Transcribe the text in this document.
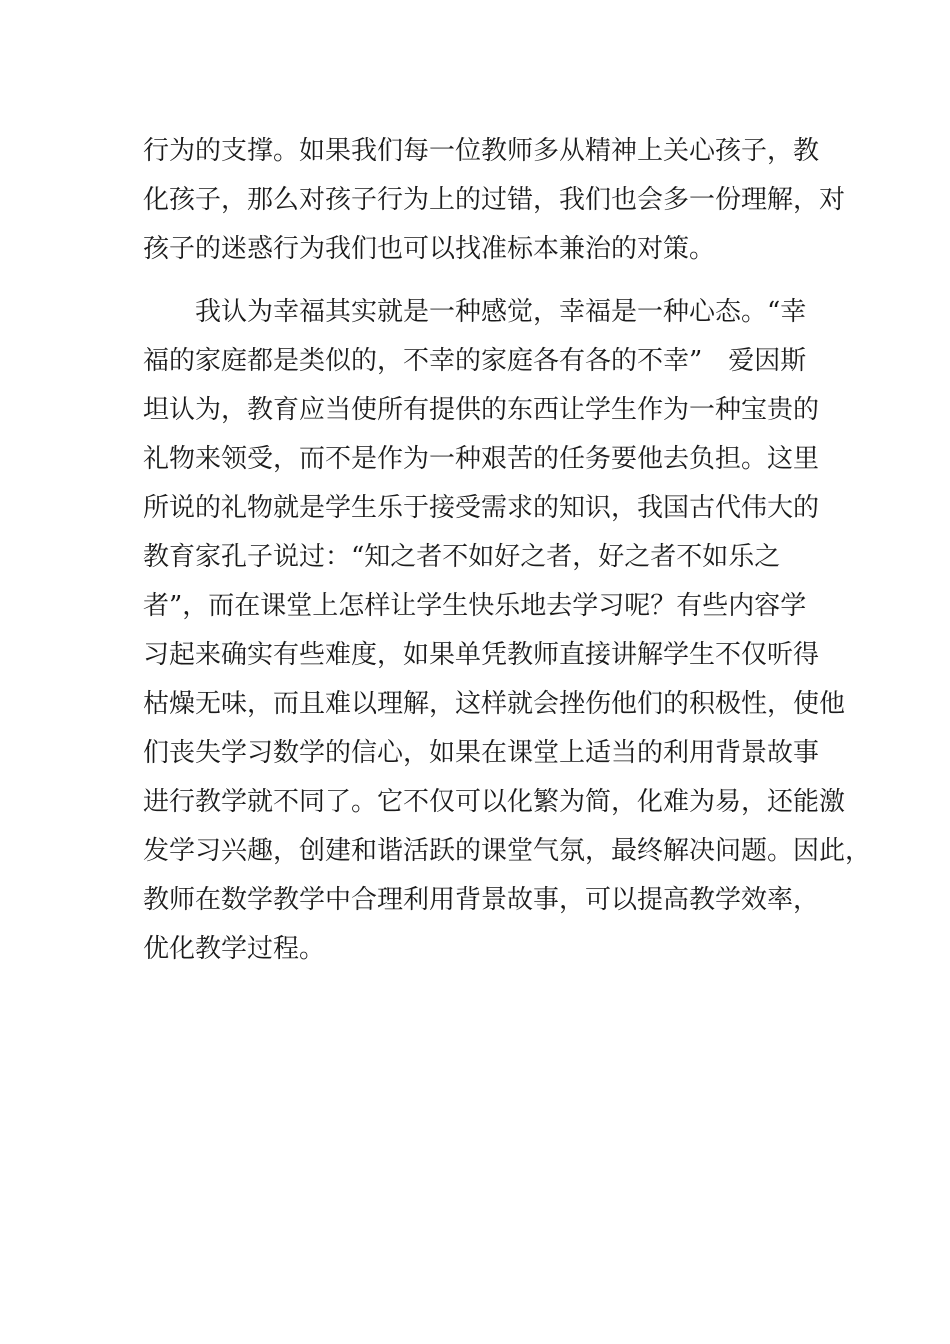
行为的支撑。如果我们每一位教师多从精神上关心孩子，教
化孩子，那么对孩子行为上的过错，我们也会多一份理解，对
孩子的迷惑行为我们也可以找准标本兼治的对策。
　　我认为幸福其实就是一种感觉，幸福是一种心态。“幸
福的家庭都是类似的，不幸的家庭各有各的不幸”　爱因斯
坦认为，教育应当使所有提供的东西让学生作为一种宝贵的
礼物来领受，而不是作为一种艰苦的任务要他去负担。这里
所说的礼物就是学生乐于接受需求的知识，我国古代伟大的
教育家孔子说过：“知之者不如好之者，好之者不如乐之
者”，而在课堂上怎样让学生快乐地去学习呢？有些内容学
习起来确实有些难度，如果单凭教师直接讲解学生不仅听得
枯燥无味，而且难以理解，这样就会挫伤他们的积极性，使他
们丧失学习数学的信心，如果在课堂上适当的利用背景故事
进行教学就不同了。它不仅可以化繁为简，化难为易，还能激
发学习兴趣，创建和谐活跃的课堂气氛，最终解决问题。因此，
教师在数学教学中合理利用背景故事，可以提高教学效率，
优化教学过程。
